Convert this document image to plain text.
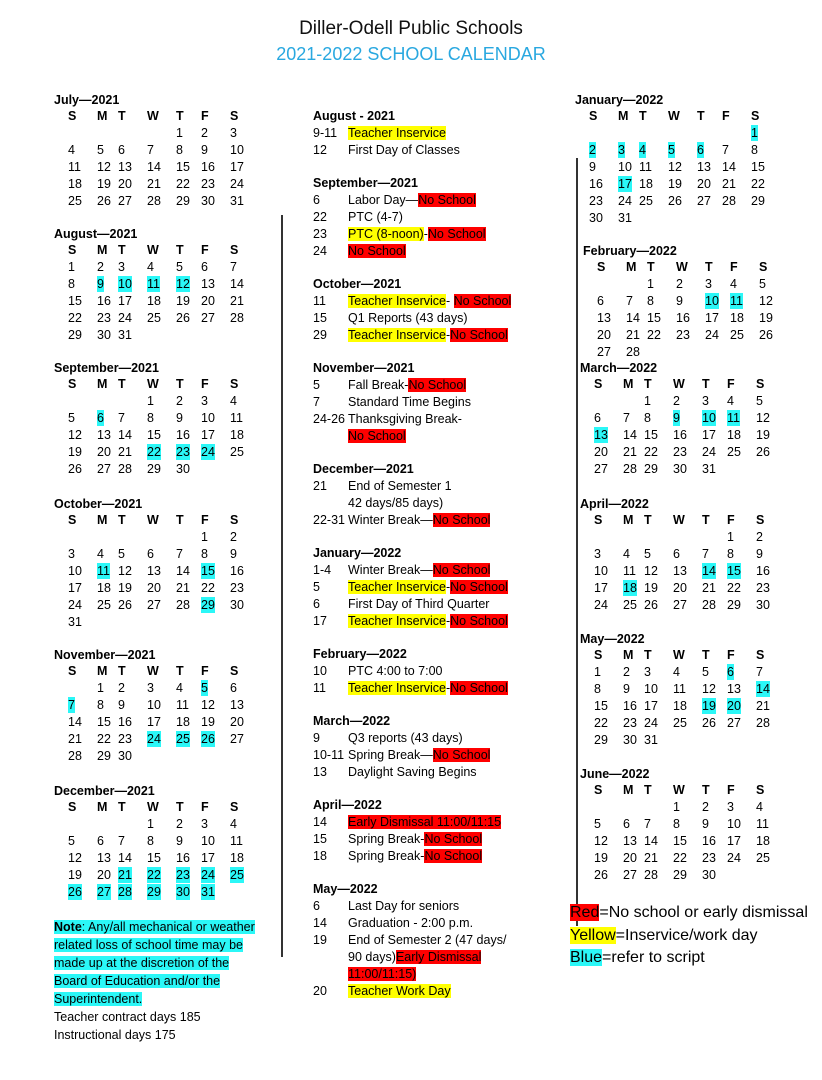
Diller-Odell Public Schools
2021-2022 SCHOOL CALENDAR
July—2021
S M T W T F S
1 2 3
4 5 6 7 8 9 10
11 12 13 14 15 16 17
18 19 20 21 22 23 24
25 26 27 28 29 30 31
August—2021
S M T W T F S
1 2 3 4 5 6 7
8 9 10 11 12 13 14
15 16 17 18 19 20 21
22 23 24 25 26 27 28
29 30 31
September—2021
S M T W T F S
1 2 3 4
5 6 7 8 9 10 11
12 13 14 15 16 17 18
19 20 21 22 23 24 25
26 27 28 29 30
October—2021
S M T W T F S
1 2
3 4 5 6 7 8 9
10 11 12 13 14 15 16
17 18 19 20 21 22 23
24 25 26 27 28 29 30
31
November—2021
S M T W T F S
1 2 3 4 5 6
7 8 9 10 11 12 13
14 15 16 17 18 19 20
21 22 23 24 25 26 27
28 29 30
December—2021
S M T W T F S
1 2 3 4
5 6 7 8 9 10 11
12 13 14 15 16 17 18
19 20 21 22 23 24 25
26 27 28 29 30 31
January—2022
S M T W T F S
1
2 3 4 5 6 7 8
9 10 11 12 13 14 15
16 17 18 19 20 21 22
23 24 25 26 27 28 29
30 31
February—2022
S M T W T F S
1 2 3 4 5
6 7 8 9 10 11 12
13 14 15 16 17 18 19
20 21 22 23 24 25 26
27 28
March—2022
S M T W T F S
1 2 3 4 5
6 7 8 9 10 11 12
13 14 15 16 17 18 19
20 21 22 23 24 25 26
27 28 29 30 31
April—2022
S M T W T F S
1 2
3 4 5 6 7 8 9
10 11 12 13 14 15 16
17 18 19 20 21 22 23
24 25 26 27 28 29 30
May—2022
S M T W T F S
1 2 3 4 5 6 7
8 9 10 11 12 13 14
15 16 17 18 19 20 21
22 23 24 25 26 27 28
29 30 31
June—2022
S M T W T F S
1 2 3 4
5 6 7 8 9 10 11
12 13 14 15 16 17 18
19 20 21 22 23 24 25
26 27 28 29 30
August - 2021
9-11 Teacher Inservice
12 First Day of Classes
September—2021
6 Labor Day—No School
22 PTC (4-7)
23 PTC (8-noon)-No School
24 No School
October—2021
11 Teacher Inservice- No School
15 Q1 Reports (43 days)
29 Teacher Inservice-No School
November—2021
5 Fall Break-No School
7 Standard Time Begins
24-26 Thanksgiving Break-
No School
December—2021
21 End of Semester 1
42 days/85 days)
22-31 Winter Break—No School
January—2022
1-4 Winter Break—No School
5 Teacher Inservice-No School
6 First Day of Third Quarter
17 Teacher Inservice-No School
February—2022
10 PTC 4:00 to 7:00
11 Teacher Inservice-No School
March—2022
9 Q3 reports (43 days)
10-11 Spring Break—No School
13 Daylight Saving Begins
April—2022
14 Early Dismissal 11:00/11:15
15 Spring Break-No School
18 Spring Break-No School
May—2022
6 Last Day for seniors
14 Graduation - 2:00 p.m.
19 End of Semester 2 (47 days/
90 days)Early Dismissal
11:00/11:15)
20 Teacher Work Day
Note: Any/all mechanical or weather related loss of school time may be made up at the discretion of the Board of Education and/or the Superintendent.
Teacher contract days 185
Instructional days 175
Red=No school or early dismissal
Yellow=Inservice/work day
Blue=refer to script
